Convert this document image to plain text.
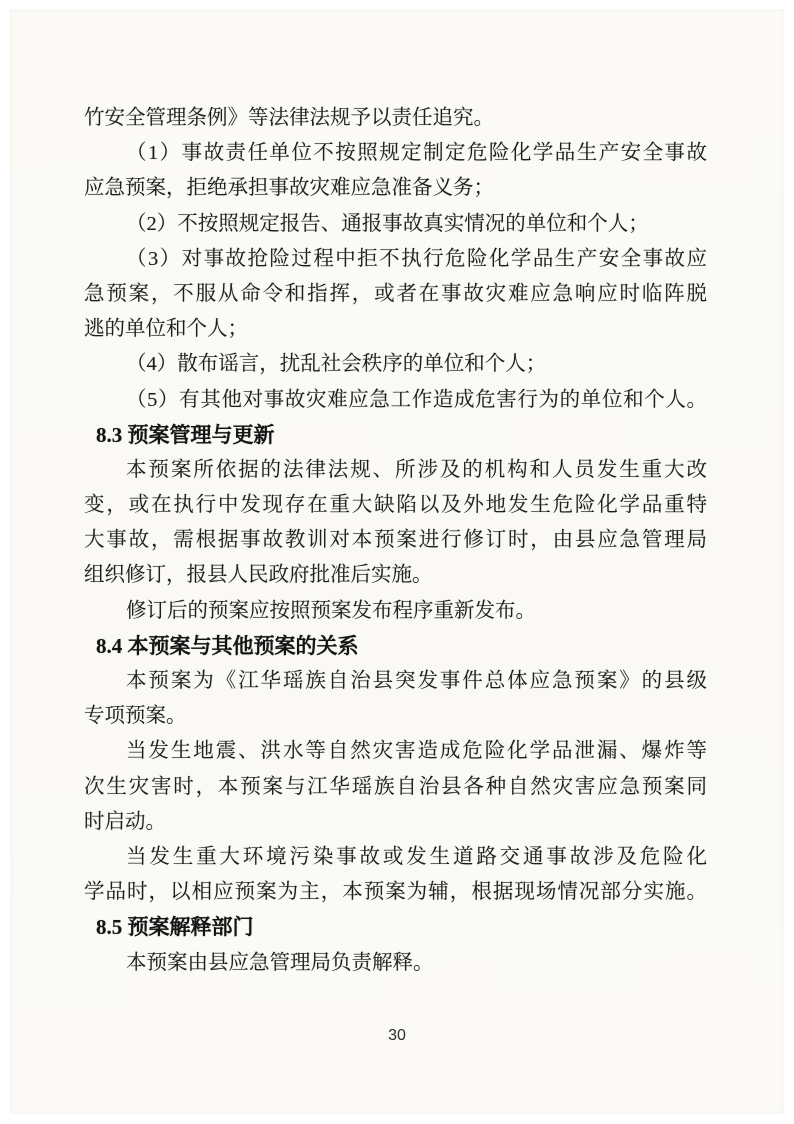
竹安全管理条例》等法律法规予以责任追究。
（1）事故责任单位不按照规定制定危险化学品生产安全事故
应急预案，拒绝承担事故灾难应急准备义务；
（2）不按照规定报告、通报事故真实情况的单位和个人；
（3）对事故抢险过程中拒不执行危险化学品生产安全事故应
急预案，不服从命令和指挥，或者在事故灾难应急响应时临阵脱
逃的单位和个人；
（4）散布谣言，扰乱社会秩序的单位和个人；
（5）有其他对事故灾难应急工作造成危害行为的单位和个人。
8.3 预案管理与更新
本预案所依据的法律法规、所涉及的机构和人员发生重大改
变，或在执行中发现存在重大缺陷以及外地发生危险化学品重特
大事故，需根据事故教训对本预案进行修订时，由县应急管理局
组织修订，报县人民政府批准后实施。
修订后的预案应按照预案发布程序重新发布。
8.4 本预案与其他预案的关系
本预案为《江华瑶族自治县突发事件总体应急预案》的县级
专项预案。
当发生地震、洪水等自然灾害造成危险化学品泄漏、爆炸等
次生灾害时，本预案与江华瑶族自治县各种自然灾害应急预案同
时启动。
当发生重大环境污染事故或发生道路交通事故涉及危险化
学品时，以相应预案为主，本预案为辅，根据现场情况部分实施。
8.5 预案解释部门
本预案由县应急管理局负责解释。
30
